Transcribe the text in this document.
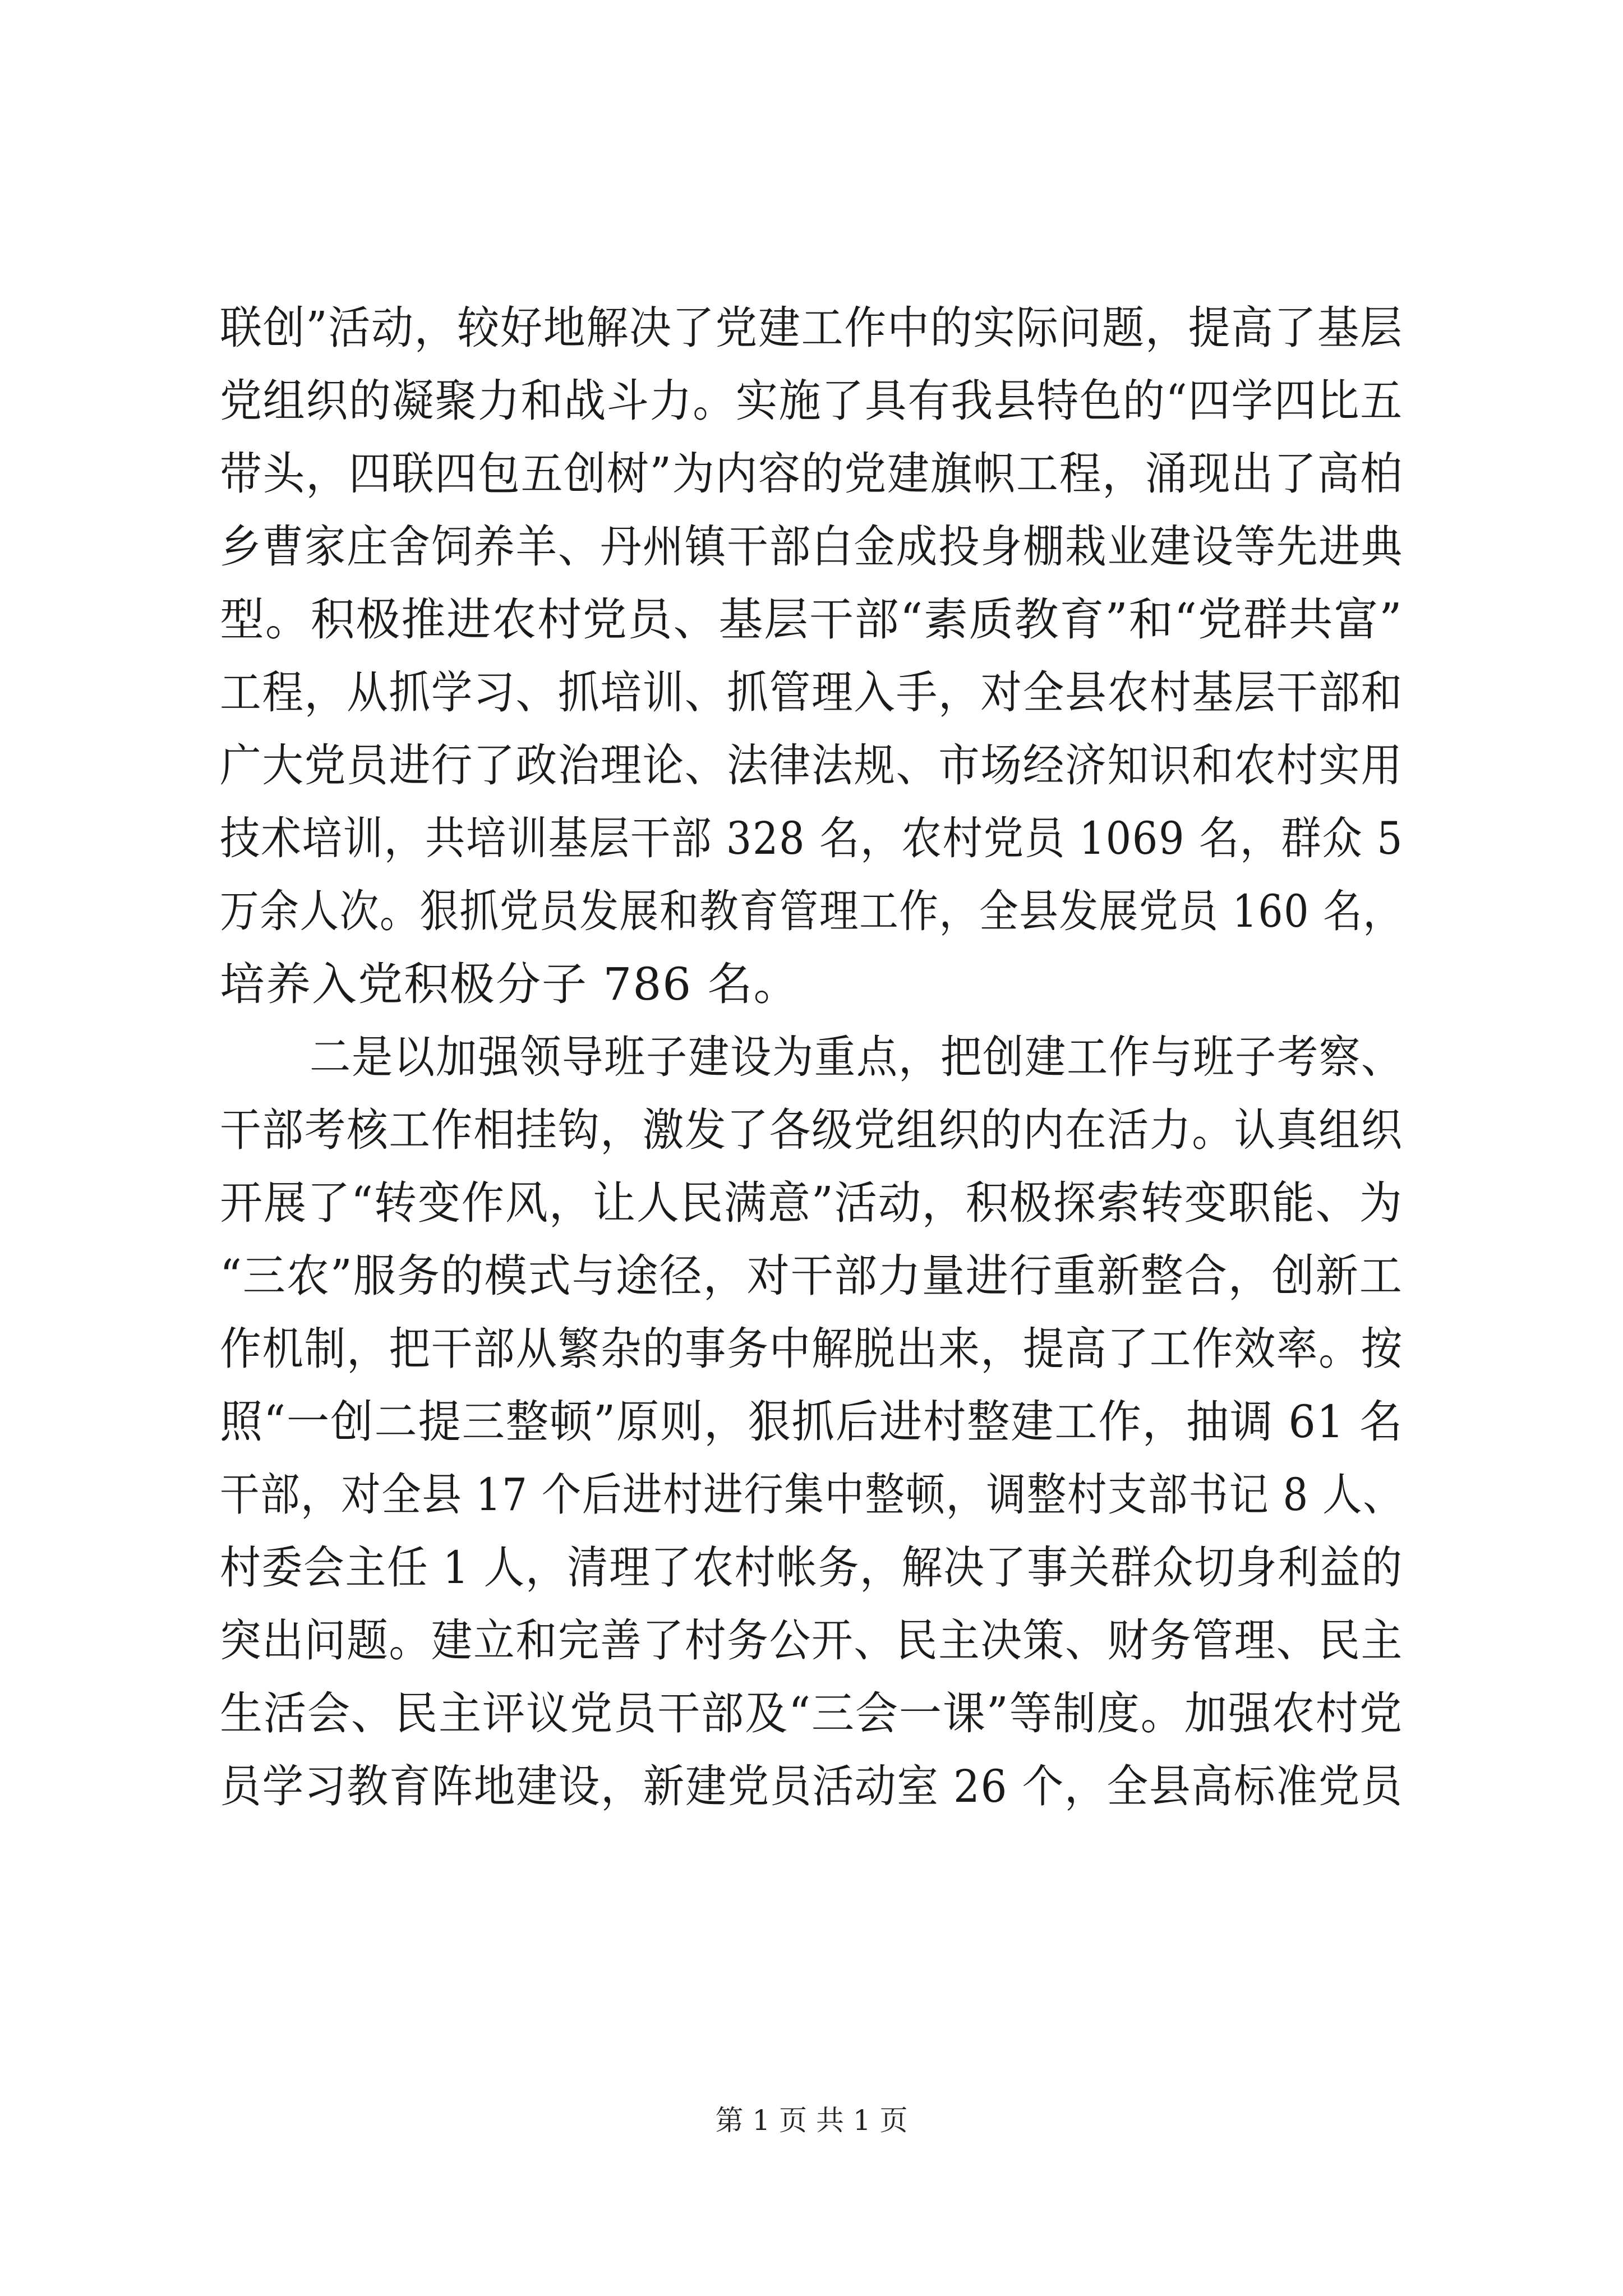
联创”活动，较好地解决了党建工作中的实际问题，提高了基层
党组织的凝聚力和战斗力。实施了具有我县特色的“四学四比五
带头，四联四包五创树”为内容的党建旗帜工程，涌现出了高柏
乡曹家庄舍饲养羊、丹州镇干部白金成投身棚栽业建设等先进典
型。积极推进农村党员、基层干部“素质教育”和“党群共富”
工程，从抓学习、抓培训、抓管理入手，对全县农村基层干部和
广大党员进行了政治理论、法律法规、市场经济知识和农村实用
技术培训，共培训基层干部 328 名，农村党员 1069 名，群众 5
万余人次。狠抓党员发展和教育管理工作，全县发展党员 160 名，
培养入党积极分子 786 名。
二是以加强领导班子建设为重点，把创建工作与班子考察、
干部考核工作相挂钩，激发了各级党组织的内在活力。认真组织
开展了“转变作风，让人民满意”活动，积极探索转变职能、为
“三农”服务的模式与途径，对干部力量进行重新整合，创新工
作机制，把干部从繁杂的事务中解脱出来，提高了工作效率。按
照“一创二提三整顿”原则，狠抓后进村整建工作，抽调 61 名
干部，对全县 17 个后进村进行集中整顿，调整村支部书记 8 人、
村委会主任 1 人，清理了农村帐务，解决了事关群众切身利益的
突出问题。建立和完善了村务公开、民主决策、财务管理、民主
生活会、民主评议党员干部及“三会一课”等制度。加强农村党
员学习教育阵地建设，新建党员活动室 26 个，全县高标准党员
第 1 页 共 1 页
